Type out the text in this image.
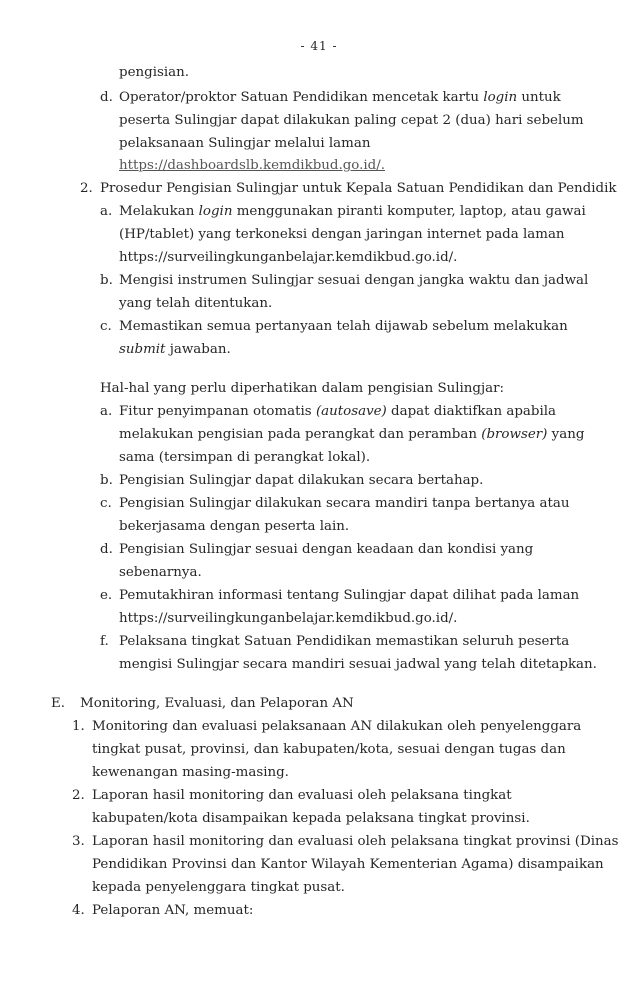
- 41 -
pengisian.
d. Operator/proktor Satuan Pendidikan mencetak kartu login untuk
peserta Sulingjar dapat dilakukan paling cepat 2 (dua) hari sebelum
pelaksanaan Sulingjar melalui laman
https://dashboardslb.kemdikbud.go.id/.
2. Prosedur Pengisian Sulingjar untuk Kepala Satuan Pendidikan dan Pendidik
a. Melakukan login menggunakan piranti komputer, laptop, atau gawai
(HP/tablet) yang terkoneksi dengan jaringan internet pada laman
https://surveilingkunganbelajar.kemdikbud.go.id/.
b. Mengisi instrumen Sulingjar sesuai dengan jangka waktu dan jadwal
yang telah ditentukan.
c. Memastikan semua pertanyaan telah dijawab sebelum melakukan
submit jawaban.
Hal-hal yang perlu diperhatikan dalam pengisian Sulingjar:
a. Fitur penyimpanan otomatis (autosave) dapat diaktifkan apabila
melakukan pengisian pada perangkat dan peramban (browser) yang
sama (tersimpan di perangkat lokal).
b. Pengisian Sulingjar dapat dilakukan secara bertahap.
c. Pengisian Sulingjar dilakukan secara mandiri tanpa bertanya atau
bekerjasama dengan peserta lain.
d. Pengisian Sulingjar sesuai dengan keadaan dan kondisi yang
sebenarnya.
e. Pemutakhiran informasi tentang Sulingjar dapat dilihat pada laman
https://surveilingkunganbelajar.kemdikbud.go.id/.
f. Pelaksana tingkat Satuan Pendidikan memastikan seluruh peserta
mengisi Sulingjar secara mandiri sesuai jadwal yang telah ditetapkan.
E. Monitoring, Evaluasi, dan Pelaporan AN
1. Monitoring dan evaluasi pelaksanaan AN dilakukan oleh penyelenggara
tingkat pusat, provinsi, dan kabupaten/kota, sesuai dengan tugas dan
kewenangan masing-masing.
2. Laporan hasil monitoring dan evaluasi oleh pelaksana tingkat
kabupaten/kota disampaikan kepada pelaksana tingkat provinsi.
3. Laporan hasil monitoring dan evaluasi oleh pelaksana tingkat provinsi (Dinas
Pendidikan Provinsi dan Kantor Wilayah Kementerian Agama) disampaikan
kepada penyelenggara tingkat pusat.
4. Pelaporan AN, memuat:
